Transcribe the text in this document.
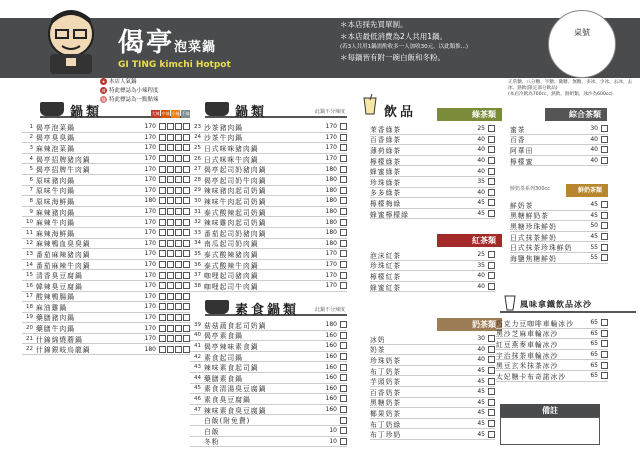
偈亭泡菜鍋
GI TING kimchi Hotpot
＊本店採先買單制。
＊本店最低消費為2人共用1鍋。
(若3人共用1鍋需酌收多一人加收30元，以此類推...)
＊每鍋皆有附一碗白飯和冬粉。
桌號
★ 本店人氣鍋
辣 特此標誌為小辣程度
辣 特此標誌為一點點辣
鍋類	大辣 中辣 小辣 不辣
1 偈亭泡菜鍋	170
2 偈亭臭臭鍋	170
3 麻辣泡菜鍋	170
4 偈亭招牌豬肉鍋	170
5 偈亭招牌牛肉鍋	170
6 原味豬肉鍋	170
7 原味牛肉鍋	170
8 原味海鮮鍋	180
9 麻辣豬肉鍋	170
10 麻辣牛肉鍋	170
11 麻辣海鮮鍋	170
12 麻辣鴨血臭臭鍋	170
13 番茄麻辣豬肉鍋	170
14 番茄麻辣牛肉鍋	170
15 清香臭豆腐鍋	170
16 韓辣臭豆腐鍋	170
17 酸辣鴨腸鍋	170
18 麻油雞鍋	170
19 藥膳豬肉鍋	170
20 藥膳牛肉鍋	170
21 什錦綿燒蘑鍋	170
22 什錦銀岐烏龍鍋	180
鍋類	此鍋不分辣度
23 沙茶豬肉鍋	170
24 沙茶牛肉鍋	170
25 日式咪咪豬肉鍋	170
26 日式咪咪牛肉鍋	170
27 偈亭起司奶豬肉鍋	180
28 偈亭起司奶牛肉鍋	180
29 辣味豬肉起司奶鍋	180
30 辣味牛肉起司奶鍋	180
31 泰式酸辣起司奶鍋	180
32 辣味雞肉起司奶鍋	180
33 番茄起司奶豬肉鍋	180
34 南瓜起司奶肉鍋	180
35 泰式酸辣豬肉鍋	170
36 泰式酸辣牛肉鍋	170
37 咖哩起司豬肉鍋	170
38 咖哩起司牛肉鍋	170
素食鍋類	此鍋不分辣度
39 菇菇蔬食起司奶鍋	180
40 偈亭素食鍋	160
41 偈亭辣味素食鍋	160
42 素食起司鍋	160
43 辣味素食起司鍋	160
44 藥膳素食鍋	160
45 素食清湯臭豆腐鍋	160
46 素食臭豆腐鍋	160
47 辣味素食臭豆腐鍋	160
白飯(附免費)
白飯	10
冬粉	10
飲品	綠茶類
茉香綠茶	25
百香綠茶	40
薄荷綠茶	40
檸檬綠茶	40
蜂蜜綠茶	40
珍珠綠茶	35
多多綠茶	40
檸檬梅綠	45
蜂蜜檸檬綠	45
紅茶類
泡沫紅茶	25
珍珠紅茶	35
檸檬紅茶	40
蜂蜜紅茶	40
奶茶類
冰奶	30
奶茶	40
珍珠奶茶	40
布丁奶茶	45
芋頭奶茶	45
百香奶茶	45
黑糖奶茶	45
椰果奶茶	45
布丁奶綠	45
布丁珍奶	45
正常糖、八分糖、半糖、微糖、無糖、多冰、少冰、去冰、去冰、熱飲(限定部分飲品)
(本店冷飲為700cc，熱飲、鮮奶類、冰沙為600cc)
綜合茶類
蜜茶	30
百香	40
阿華田	40
檸檬蜜	40
鮮奶茶系列300cc	鮮奶茶類
鮮奶茶	45
黑糖鮮奶茶	45
黑糖珍珠鮮奶	50
日式抹茶鮮奶	45
日式抹茶珍珠鮮奶	55
海鹽焦糖鮮奶	55
風味拿鐵飲品冰沙
巧克力豆咖啡車輪冰沙	65
黑沙芝麻車輪冰沙	65
紅豆燕麥車輪冰沙	65
宇治抹茶車輪冰沙	65
黑豆玄米抹茶冰沙	65
太妃糖卡布奇諾冰沙	65
備註
